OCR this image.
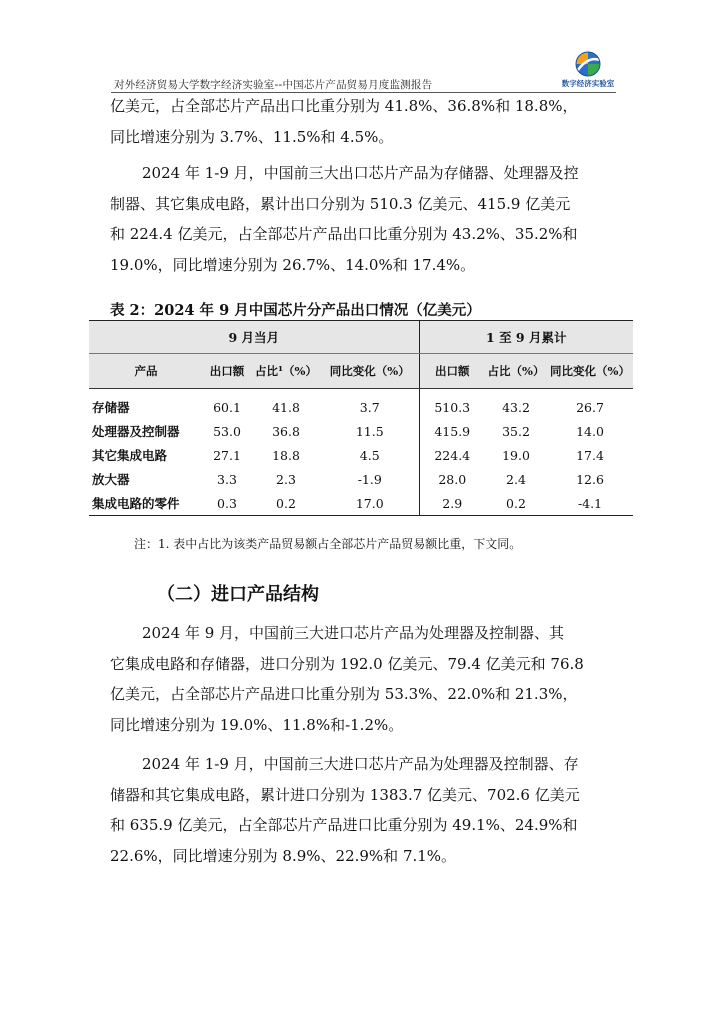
对外经济贸易大学数字经济实验室--中国芯片产品贸易月度监测报告	数字经济实验室
亿美元，占全部芯片产品出口比重分别为 41.8%、36.8%和 18.8%，
同比增速分别为 3.7%、11.5%和 4.5%。
2024 年 1-9 月，中国前三大出口芯片产品为存储器、处理器及控
制器、其它集成电路，累计出口分别为 510.3 亿美元、415.9 亿美元
和 224.4 亿美元，占全部芯片产品出口比重分别为 43.2%、35.2%和
19.0%，同比增速分别为 26.7%、14.0%和 17.4%。
表 2：2024 年 9 月中国芯片分产品出口情况（亿美元）
9 月当月				1 至 9 月累计		
产品	出口额	占比¹（%）	同比变化（%）	出口额	占比（%）	同比变化（%）
存储器	60.1	41.8	3.7	510.3	43.2	26.7
处理器及控制器	53.0	36.8	11.5	415.9	35.2	14.0
其它集成电路	27.1	18.8	4.5	224.4	19.0	17.4
放大器	3.3	2.3	-1.9	28.0	2.4	12.6
集成电路的零件	0.3	0.2	17.0	2.9	0.2	-4.1
注：1. 表中占比为该类产品贸易额占全部芯片产品贸易额比重，下文同。
（二）进口产品结构
2024 年 9 月，中国前三大进口芯片产品为处理器及控制器、其
它集成电路和存储器，进口分别为 192.0 亿美元、79.4 亿美元和 76.8
亿美元，占全部芯片产品进口比重分别为 53.3%、22.0%和 21.3%，
同比增速分别为 19.0%、11.8%和-1.2%。
2024 年 1-9 月，中国前三大进口芯片产品为处理器及控制器、存
储器和其它集成电路，累计进口分别为 1383.7 亿美元、702.6 亿美元
和 635.9 亿美元，占全部芯片产品进口比重分别为 49.1%、24.9%和
22.6%，同比增速分别为 8.9%、22.9%和 7.1%。
